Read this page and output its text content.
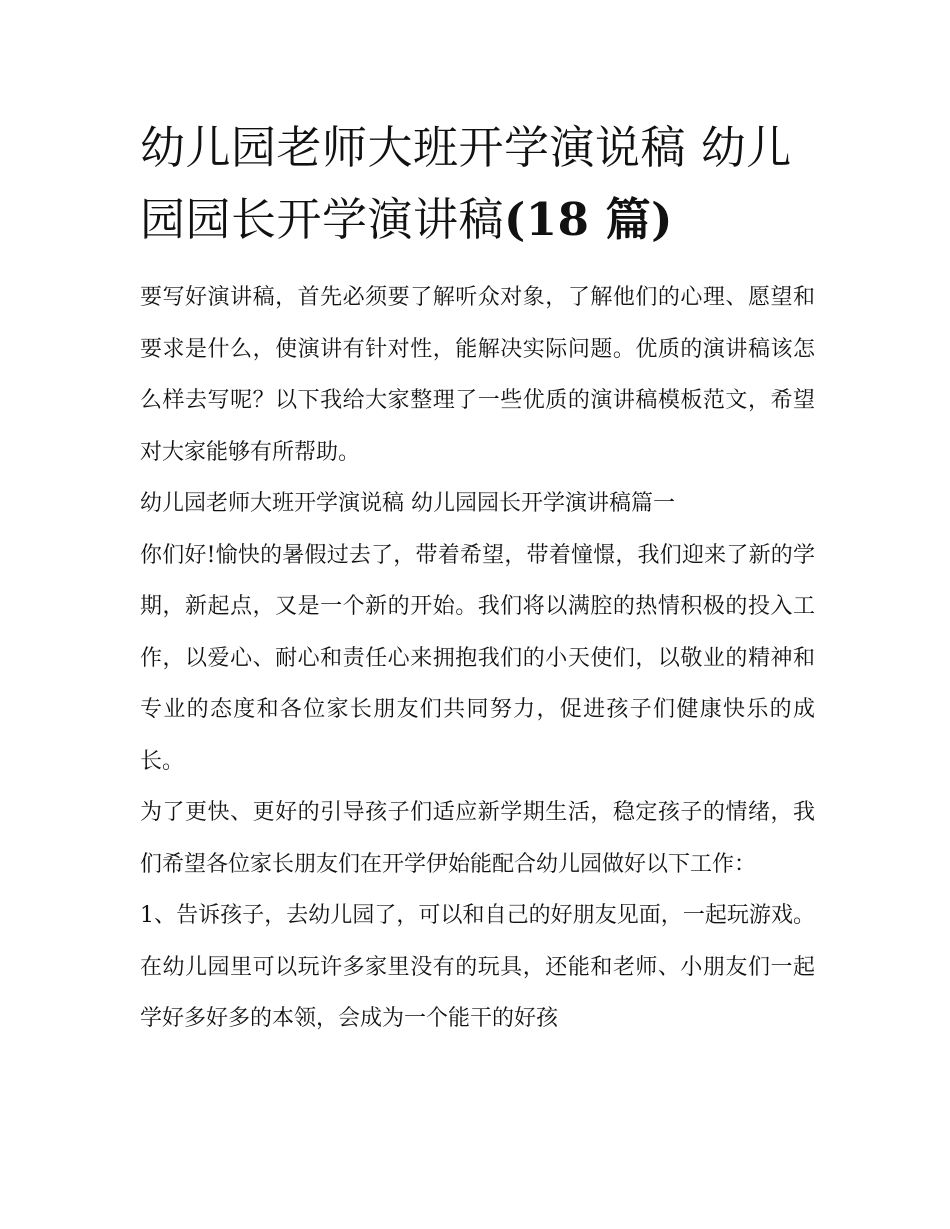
幼儿园老师大班开学演说稿 幼儿园园长开学演讲稿(18 篇)

要写好演讲稿，首先必须要了解听众对象，了解他们的心理、愿望和要求是什么，使演讲有针对性，能解决实际问题。优质的演讲稿该怎么样去写呢？以下我给大家整理了一些优质的演讲稿模板范文，希望对大家能够有所帮助。

幼儿园老师大班开学演说稿 幼儿园园长开学演讲稿篇一

你们好!愉快的暑假过去了，带着希望，带着憧憬，我们迎来了新的学期，新起点，又是一个新的开始。我们将以满腔的热情积极的投入工作，以爱心、耐心和责任心来拥抱我们的小天使们，以敬业的精神和专业的态度和各位家长朋友们共同努力，促进孩子们健康快乐的成长。

为了更快、更好的引导孩子们适应新学期生活，稳定孩子的情绪，我们希望各位家长朋友们在开学伊始能配合幼儿园做好以下工作：

1、告诉孩子，去幼儿园了，可以和自己的好朋友见面，一起玩游戏。在幼儿园里可以玩许多家里没有的玩具，还能和老师、小朋友们一起学好多好多的本领，会成为一个能干的好孩
